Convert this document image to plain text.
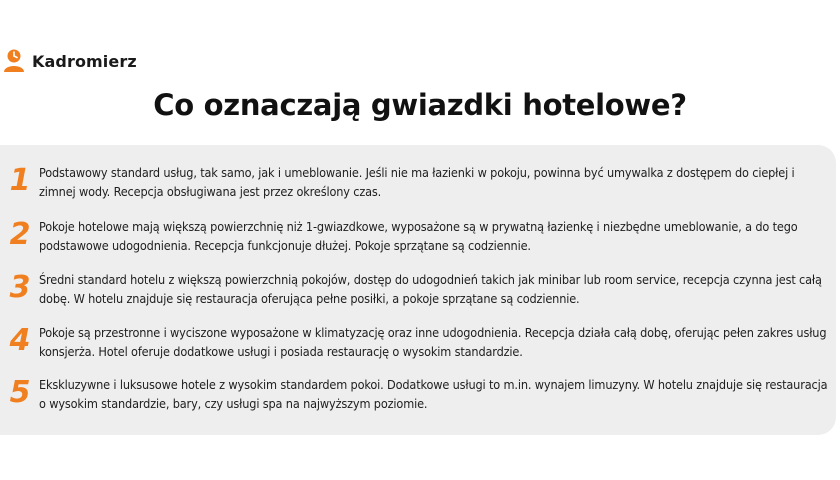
Kadromierz
Co oznaczają gwiazdki hotelowe?
1 Podstawowy standard usług, tak samo, jak i umeblowanie. Jeśli nie ma łazienki w pokoju, powinna być umywalka z dostępem do ciepłej i zimnej wody. Recepcja obsługiwana jest przez określony czas.

2 Pokoje hotelowe mają większą powierzchnię niż 1-gwiazdkowe, wyposażone są w prywatną łazienkę i niezbędne umeblowanie, a do tego podstawowe udogodnienia. Recepcja funkcjonuje dłużej. Pokoje sprzątane są codziennie.

3 Średni standard hotelu z większą powierzchnią pokojów, dostęp do udogodnień takich jak minibar lub room service, recepcja czynna jest całą dobę. W hotelu znajduje się restauracja oferująca pełne posiłki, a pokoje sprzątane są codziennie.

4 Pokoje są przestronne i wyciszone wyposażone w klimatyzację oraz inne udogodnienia. Recepcja działa całą dobę, oferując pełen zakres usług konsjerża. Hotel oferuje dodatkowe usługi i posiada restaurację o wysokim standardzie.

5 Ekskluzywne i luksusowe hotele z wysokim standardem pokoi. Dodatkowe usługi to m.in. wynajem limuzyny. W hotelu znajduje się restauracja o wysokim standardzie, bary, czy usługi spa na najwyższym poziomie.
